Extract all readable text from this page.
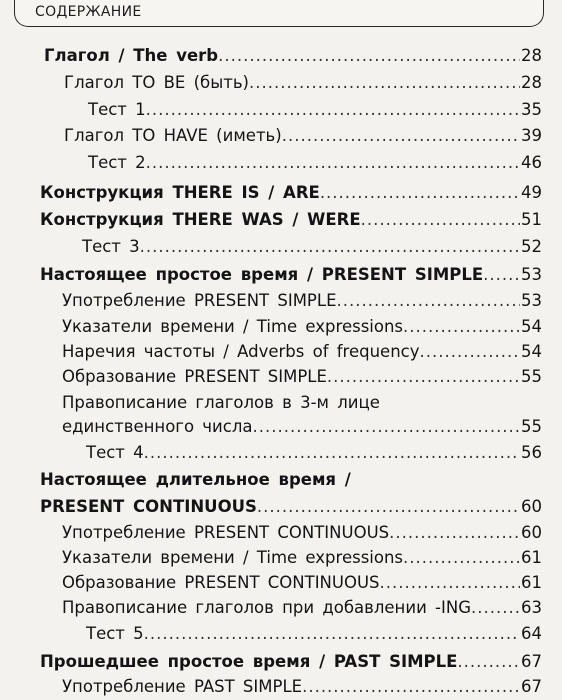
СОДЕРЖАНИЕ
Глагол / The verb .....	28
Глагол TO BE (быть) .....	28
Тест 1 .....	35
Глагол TO HAVE (иметь) .....	39
Тест 2 .....	46
Конструкция THERE IS / ARE .....	49
Конструкция THERE WAS / WERE .....	51
Тест 3 .....	52
Настоящее простое время / PRESENT SIMPLE ..... 53
Употребление PRESENT SIMPLE .....	53
Указатели времени / Time expressions .....	54
Наречия частоты / Adverbs of frequency .....	54
Образование PRESENT SIMPLE .....	55
Правописание глаголов в 3-м лице
единственного числа .....	55
Тест 4 .....	56
Настоящее длительное время /
PRESENT CONTINUOUS .....	60
Употребление PRESENT CONTINUOUS .....	60
Указатели времени / Time expressions .....	61
Образование PRESENT CONTINUOUS .....	61
Правописание глаголов при добавлении -ING .....	63
Тест 5 .....	64
Прошедшее простое время / PAST SIMPLE .....	67
Употребление PAST SIMPLE .....	67
